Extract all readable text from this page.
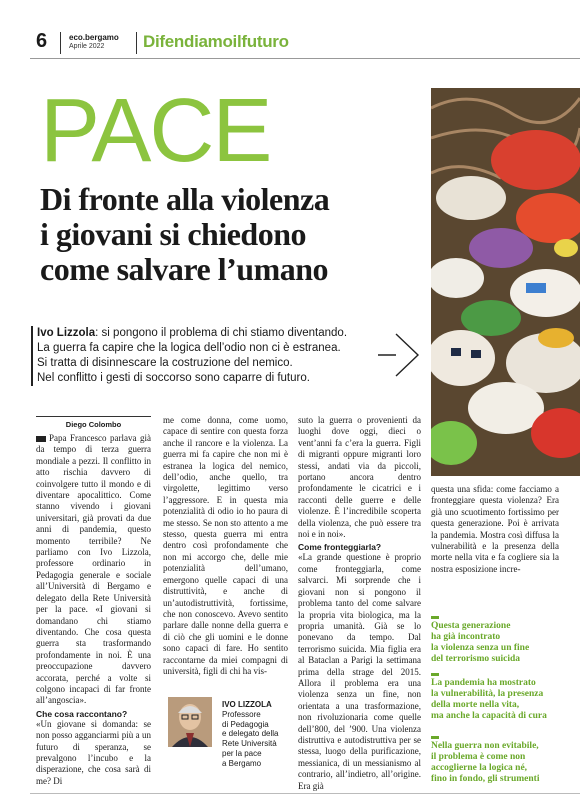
6	eco.bergamo
Aprile 2022 Difendiamoilfuturo
PACE
Di fronte alla violenza
i giovani si chiedono
come salvare l’umano
Ivo Lizzola: si pongono il problema di chi stiamo diventando.
La guerra fa capire che la logica dell’odio non ci è estranea.
Si tratta di disinnescare la costruzione del nemico.
Nel conflitto i gesti di soccorso sono caparre di futuro.
Diego Colombo

Papa Francesco parlava già da tempo di terza guerra mondiale a pezzi. Il conflitto in atto rischia davvero di coinvolgere tutto il mondo e di diventare apocalittico. Come stanno vivendo i giovani universitari, già provati da due anni di pandemia, questo momento terribile? Ne parliamo con Ivo Lizzola, professore ordinario in Pedagogia generale e sociale all’Università di Bergamo e delegato della Rete Università per la pace. «I giovani si domandano chi stiamo diventando. Che cosa questa guerra sta trasformando profondamente in noi. È una preoccupazione davvero accorata, perché a volte si colgono incapaci di far fronte all’angoscia».

Che cosa raccontano?

«Un giovane si domanda: se non posso agganciarmi più a un futuro di speranza, se prevalgono l’incubo e la disperazione, che cosa sarà di me? Di

me come donna, come uomo, capace di sentire con questa forza anche il rancore e la violenza. La guerra mi fa capire che non mi è estranea la logica del nemico, dell’odio, anche quello, tra virgolette, legittimo verso l’aggressore. E in questa mia potenzialità di odio io ho paura di me stesso. Se non sto attento a me stesso, questa guerra mi entra dentro così profondamente che non mi accorgo che, delle mie potenzialità dell’umano, emergono quelle capaci di una distruttività, e anche di un’autodistruttività, fortissime, che non conoscevo. Avevo sentito parlare dalle nonne della guerra e di ciò che gli uomini e le donne sono capaci di fare. Ho sentito raccontarne da miei compagni di università, figli di chi ha vis-

suto la guerra o provenienti da luoghi dove oggi, dieci o vent’anni fa c’era la guerra. Figli di migranti oppure migranti loro stessi, andati via da piccoli, portano ancora dentro profondamente le cicatrici e i racconti delle guerre e delle violenze. È l’incredibile scoperta della violenza, che può essere tra noi e in noi».

Come fronteggiarla?

«La grande questione è proprio come fronteggiarla, come salvarci. Mi sorprende che i giovani non si pongono il problema tanto del come salvare la propria vita biologica, ma la propria umanità. Già se lo ponevano da tempo. Dal terrorismo suicida. Mia figlia era al Bataclan a Parigi la settimana prima della strage del 2015. Allora il problema era una violenza senza un fine, non orientata a una trasformazione, non rivoluzionaria come quelle dell’800, del ’900. Una violenza distruttiva e autodistruttiva per se stessa, luogo della purificazione, messianica, di un messianismo al contrario, all’indietro, all’origine. Era già

questa una sfida: come facciamo a fronteggiare questa violenza? Era già uno scuotimento fortissimo per questa generazione. Poi è arrivata la pandemia. Mostra così diffusa la vulnerabilità e la presenza della morte nella vita e fa cogliere sia la nostra esposizione incre-

IVO LIZZOLA
Professore
di Pedagogia
e delegato della
Rete Università
per la pace
a Bergamo
Questa generazione
ha già incontrato
la violenza senza un fine
del terrorismo suicida
La pandemia ha mostrato
la vulnerabilità, la presenza
della morte nella vita,
ma anche la capacità di cura
Nella guerra non evitabile,
il problema è come non
accoglierne la logica né,
fino in fondo, gli strumenti
